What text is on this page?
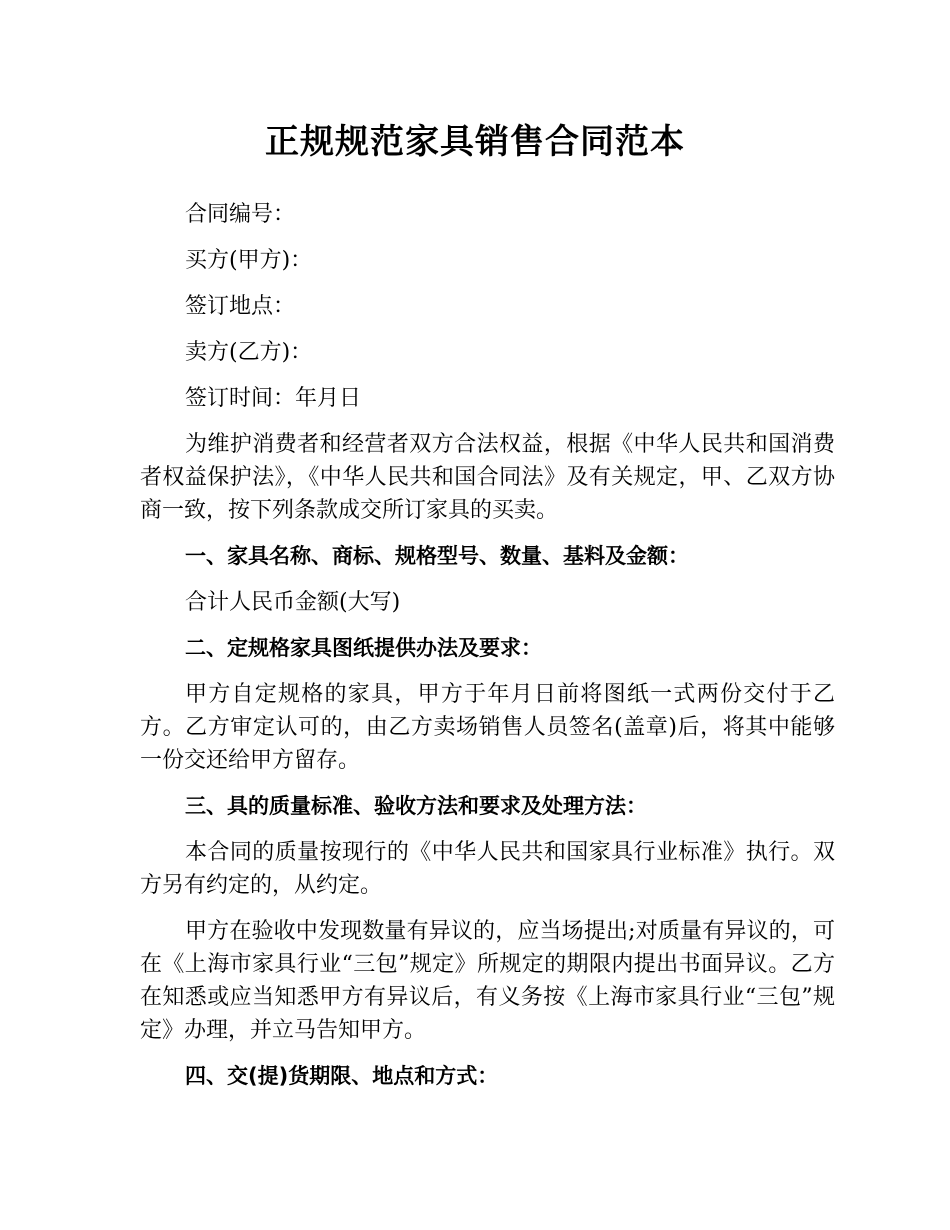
正规规范家具销售合同范本

合同编号：

买方(甲方)：

签订地点：

卖方(乙方)：

签订时间：年月日

为维护消费者和经营者双方合法权益，根据《中华人民共和国消费者权益保护法》，《中华人民共和国合同法》及有关规定，甲、乙双方协商一致，按下列条款成交所订家具的买卖。

一、家具名称、商标、规格型号、数量、基料及金额：

合计人民币金额(大写)

二、定规格家具图纸提供办法及要求：

甲方自定规格的家具，甲方于年月日前将图纸一式两份交付于乙方。乙方审定认可的，由乙方卖场销售人员签名(盖章)后，将其中能够一份交还给甲方留存。

三、具的质量标准、验收方法和要求及处理方法：

本合同的质量按现行的《中华人民共和国家具行业标准》执行。双方另有约定的，从约定。

甲方在验收中发现数量有异议的，应当场提出;对质量有异议的，可在《上海市家具行业“三包”规定》所规定的期限内提出书面异议。乙方在知悉或应当知悉甲方有异议后，有义务按《上海市家具行业“三包”规定》办理，并立马告知甲方。

四、交(提)货期限、地点和方式：
